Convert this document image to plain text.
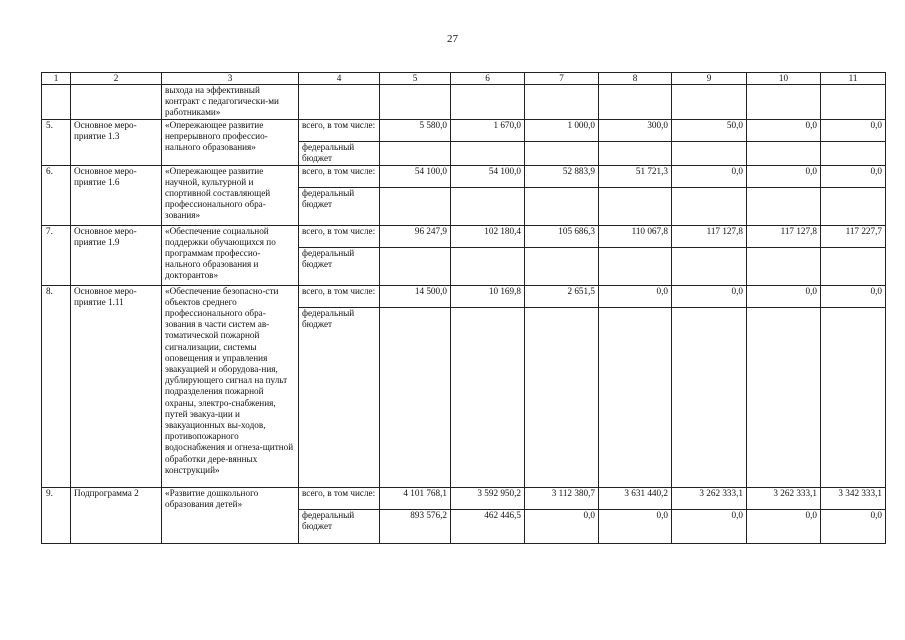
27
1	2	3	4	5	6	7	8	9	10	11
		выхода на эффективный контракт с педагогически-ми работниками»								
5.	Основное меро-приятие 1.3	«Опережающее развитие непрерывного профессио-нального образования»	всего, в том числе:	5 580,0	1 670,0	1 000,0	300,0	50,0	0,0	0,0
			федеральный бюджет							
6.	Основное меро-приятие 1.6	«Опережающее развитие научной, культурной и спортивной составляющей профессионального обра-зования»	всего, в том числе:	54 100,0	54 100,0	52 883,9	51 721,3	0,0	0,0	0,0
			федеральный бюджет							
7.	Основное меро-приятие 1.9	«Обеспечение социальной поддержки обучающихся по программам профессио-нального образования и докторантов»	всего, в том числе:	96 247,9	102 180,4	105 686,3	110 067,8	117 127,8	117 127,8	117 227,7
			федеральный бюджет							
8.	Основное меро-приятие 1.11	«Обеспечение безопасно-сти объектов среднего профессионального обра-зования в части систем ав-томатической пожарной сигнализации, системы оповещения и управления эвакуацией и оборудова-ния, дублирующего сигнал на пульт подразделения пожарной охраны, электро-снабжения, путей эвакуа-ции и эвакуационных вы-ходов, противопожарного водоснабжения и огнеза-щитной обработки дере-вянных конструкций»	всего, в том числе:	14 500,0	10 169,8	2 651,5	0,0	0,0	0,0	0,0
			федеральный бюджет							
9.	Подпрограмма 2	«Развитие дошкольного образования детей»	всего, в том числе:	4 101 768,1	3 592 950,2	3 112 380,7	3 631 440,2	3 262 333,1	3 262 333,1	3 342 333,1
			федеральный бюджет	893 576,2	462 446,5	0,0	0,0	0,0	0,0	0,0
